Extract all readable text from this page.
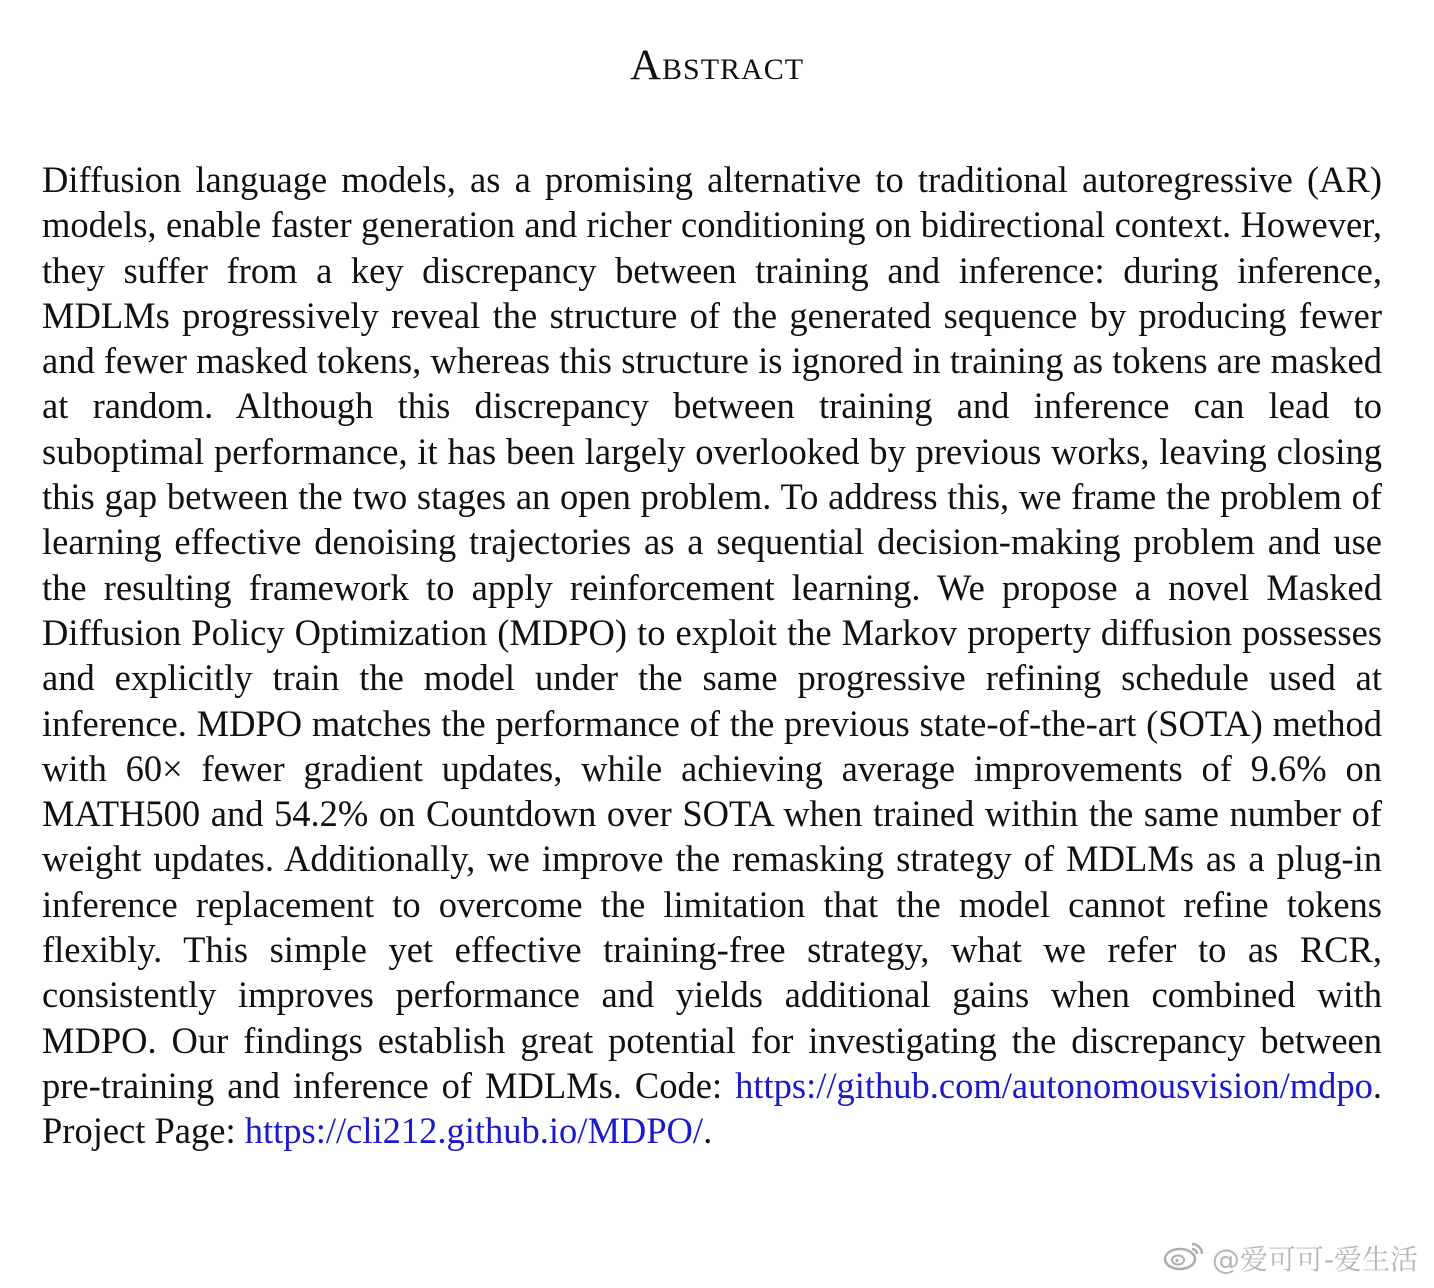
Abstract
Diffusion language models, as a promising alternative to traditional autoregressive (AR) models, enable faster generation and richer conditioning on bidirectional context. However, they suffer from a key discrepancy between training and inference: during inference, MDLMs progressively reveal the structure of the generated sequence by producing fewer and fewer masked tokens, whereas this structure is ignored in training as tokens are masked at random. Although this discrepancy between training and inference can lead to suboptimal performance, it has been largely overlooked by previous works, leaving closing this gap between the two stages an open problem. To address this, we frame the problem of learning effective denoising trajectories as a sequential decision-making problem and use the resulting framework to apply reinforcement learning. We propose a novel Masked Diffusion Policy Optimization (MDPO) to exploit the Markov property diffusion possesses and explicitly train the model under the same progressive refining schedule used at inference. MDPO matches the performance of the previous state-of-the-art (SOTA) method with 60× fewer gradient updates, while achieving average improvements of 9.6% on MATH500 and 54.2% on Countdown over SOTA when trained within the same number of weight updates. Additionally, we improve the remasking strategy of MDLMs as a plug-in inference replacement to overcome the limitation that the model cannot refine tokens flexibly. This simple yet effective training-free strategy, what we refer to as RCR, consistently improves performance and yields additional gains when combined with MDPO. Our findings establish great potential for investigating the discrepancy between pre-training and inference of MDLMs. Code: https://github.com/autonomousvision/mdpo. Project Page: https://cli212.github.io/MDPO/.
@爱可可-爱生活
